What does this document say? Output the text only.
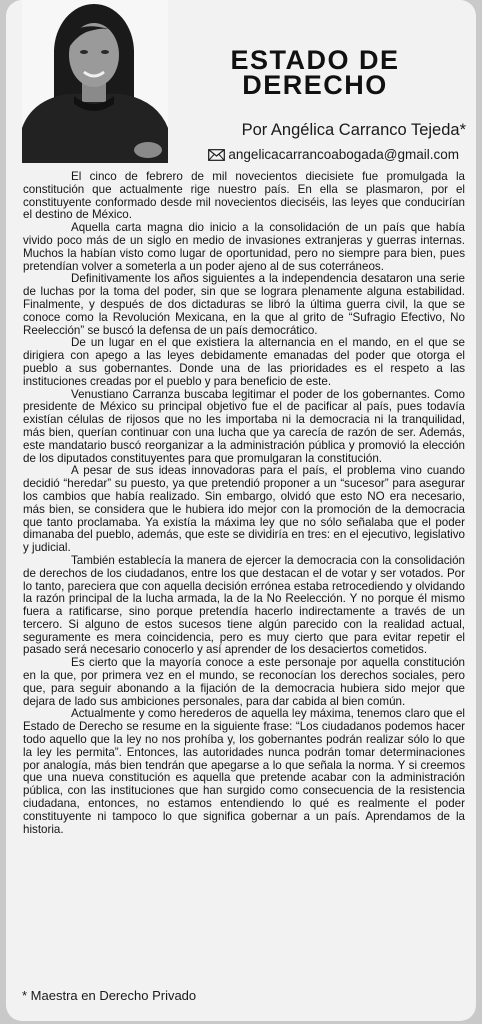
ESTADO DE
DERECHO
Por Angélica Carranco Tejeda*
angelicacarrancoabogada@gmail.com

El cinco de febrero de mil novecientos diecisiete fue promulgada la constitución que actualmente rige nuestro país. En ella se plasmaron, por el constituyente conformado desde mil novecientos dieciséis, las leyes que conducirían el destino de México.

Aquella carta magna dio inicio a la consolidación de un país que había vivido poco más de un siglo en medio de invasiones extranjeras y guerras internas. Muchos la habían visto como lugar de oportunidad, pero no siempre para bien, pues pretendían volver a someterla a un poder ajeno al de sus coterráneos.

Definitivamente los años siguientes a la independencia desataron una serie de luchas por la toma del poder, sin que se lograra plenamente alguna estabilidad. Finalmente, y después de dos dictaduras se libró la última guerra civil, la que se conoce como la Revolución Mexicana, en la que al grito de “Sufragio Efectivo, No Reelección” se buscó la defensa de un país democrático.

De un lugar en el que existiera la alternancia en el mando, en el que se dirigiera con apego a las leyes debidamente emanadas del poder que otorga el pueblo a sus gobernantes. Donde una de las prioridades es el respeto a las instituciones creadas por el pueblo y para beneficio de este.

Venustiano Carranza buscaba legitimar el poder de los gobernantes. Como presidente de México su principal objetivo fue el de pacificar al país, pues todavía existían células de rijosos que no les importaba ni la democracia ni la tranquilidad, más bien, querían continuar con una lucha que ya carecía de razón de ser. Además, este mandatario buscó reorganizar a la administración pública y promovió la elección de los diputados constituyentes para que promulgaran la constitución.

A pesar de sus ideas innovadoras para el país, el problema vino cuando decidió “heredar” su puesto, ya que pretendió proponer a un “sucesor” para asegurar los cambios que había realizado. Sin embargo, olvidó que esto NO era necesario, más bien, se considera que le hubiera ido mejor con la promoción de la democracia que tanto proclamaba. Ya existía la máxima ley que no sólo señalaba que el poder dimanaba del pueblo, además, que este se dividiría en tres: en el ejecutivo, legislativo y judicial.

También establecía la manera de ejercer la democracia con la consolidación de derechos de los ciudadanos, entre los que destacan el de votar y ser votados. Por lo tanto, pareciera que con aquella decisión errónea estaba retrocediendo y olvidando la razón principal de la lucha armada, la de la No Reelección. Y no porque él mismo fuera a ratificarse, sino porque pretendía hacerlo indirectamente a través de un tercero. Si alguno de estos sucesos tiene algún parecido con la realidad actual, seguramente es mera coincidencia, pero es muy cierto que para evitar repetir el pasado será necesario conocerlo y así aprender de los desaciertos cometidos.

Es cierto que la mayoría conoce a este personaje por aquella constitución en la que, por primera vez en el mundo, se reconocían los derechos sociales, pero que, para seguir abonando a la fijación de la democracia hubiera sido mejor que dejara de lado sus ambiciones personales, para dar cabida al bien común.

Actualmente y como herederos de aquella ley máxima, tenemos claro que el Estado de Derecho se resume en la siguiente frase: “Los ciudadanos podemos hacer todo aquello que la ley no nos prohíba y, los gobernantes podrán realizar sólo lo que la ley les permita”. Entonces, las autoridades nunca podrán tomar determinaciones por analogía, más bien tendrán que apegarse a lo que señala la norma. Y si creemos que una nueva constitución es aquella que pretende acabar con la administración pública, con las instituciones que han surgido como consecuencia de la resistencia ciudadana, entonces, no estamos entendiendo lo qué es realmente el poder constituyente ni tampoco lo que significa gobernar a un país. Aprendamos de la historia.

* Maestra en Derecho Privado
